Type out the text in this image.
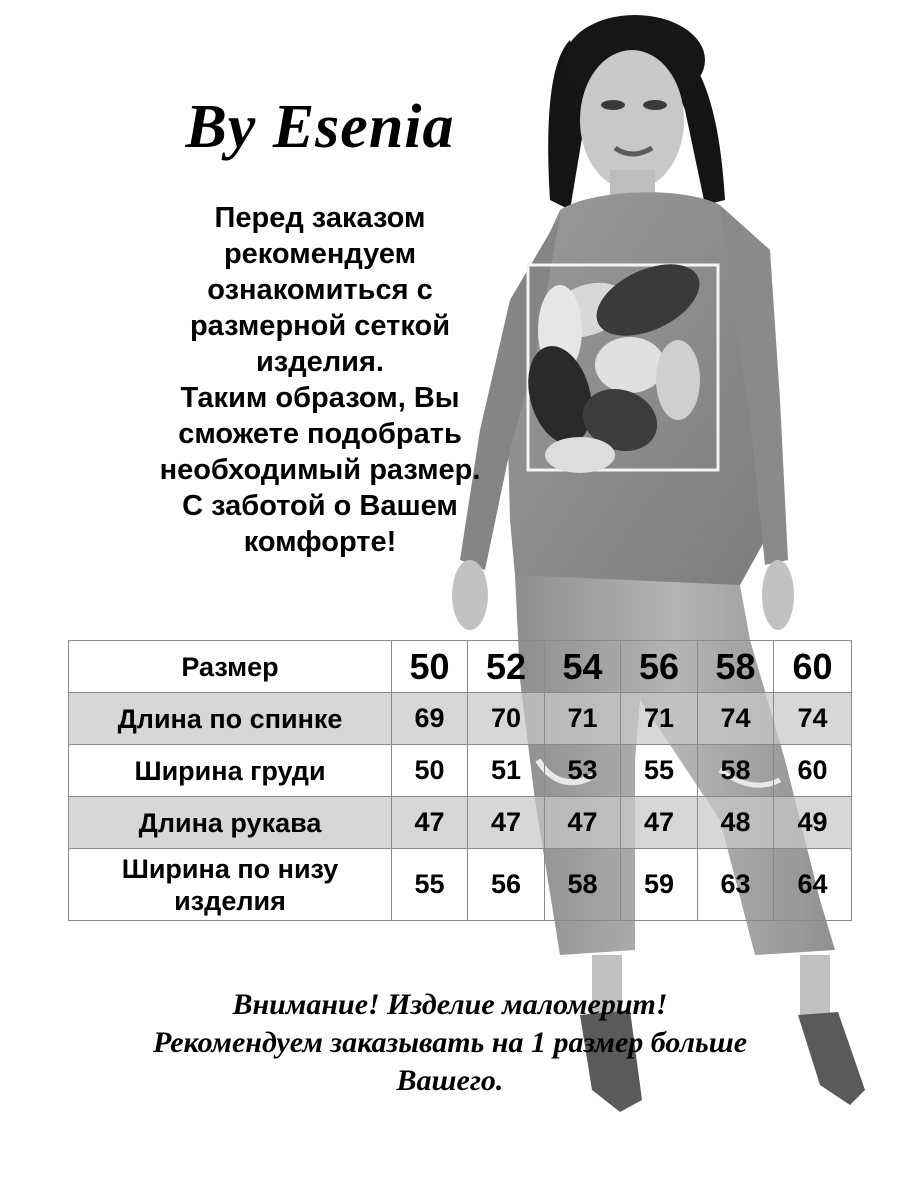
By Esenia
Перед заказом
рекомендуем
ознакомиться с
размерной сеткой
изделия.
Таким образом, Вы
сможете подобрать
необходимый размер.
С заботой о Вашем
комфорте!
Размер	50	52	54	56	58	60
Длина по спинке	69	70	71	71	74	74
Ширина груди	50	51	53	55	58	60
Длина рукава	47	47	47	47	48	49

Ширина по низу
изделия	55	56	58	59	63	64
Внимание! Изделие маломерит!
Рекомендуем заказывать на 1 размер больше
Вашего.
